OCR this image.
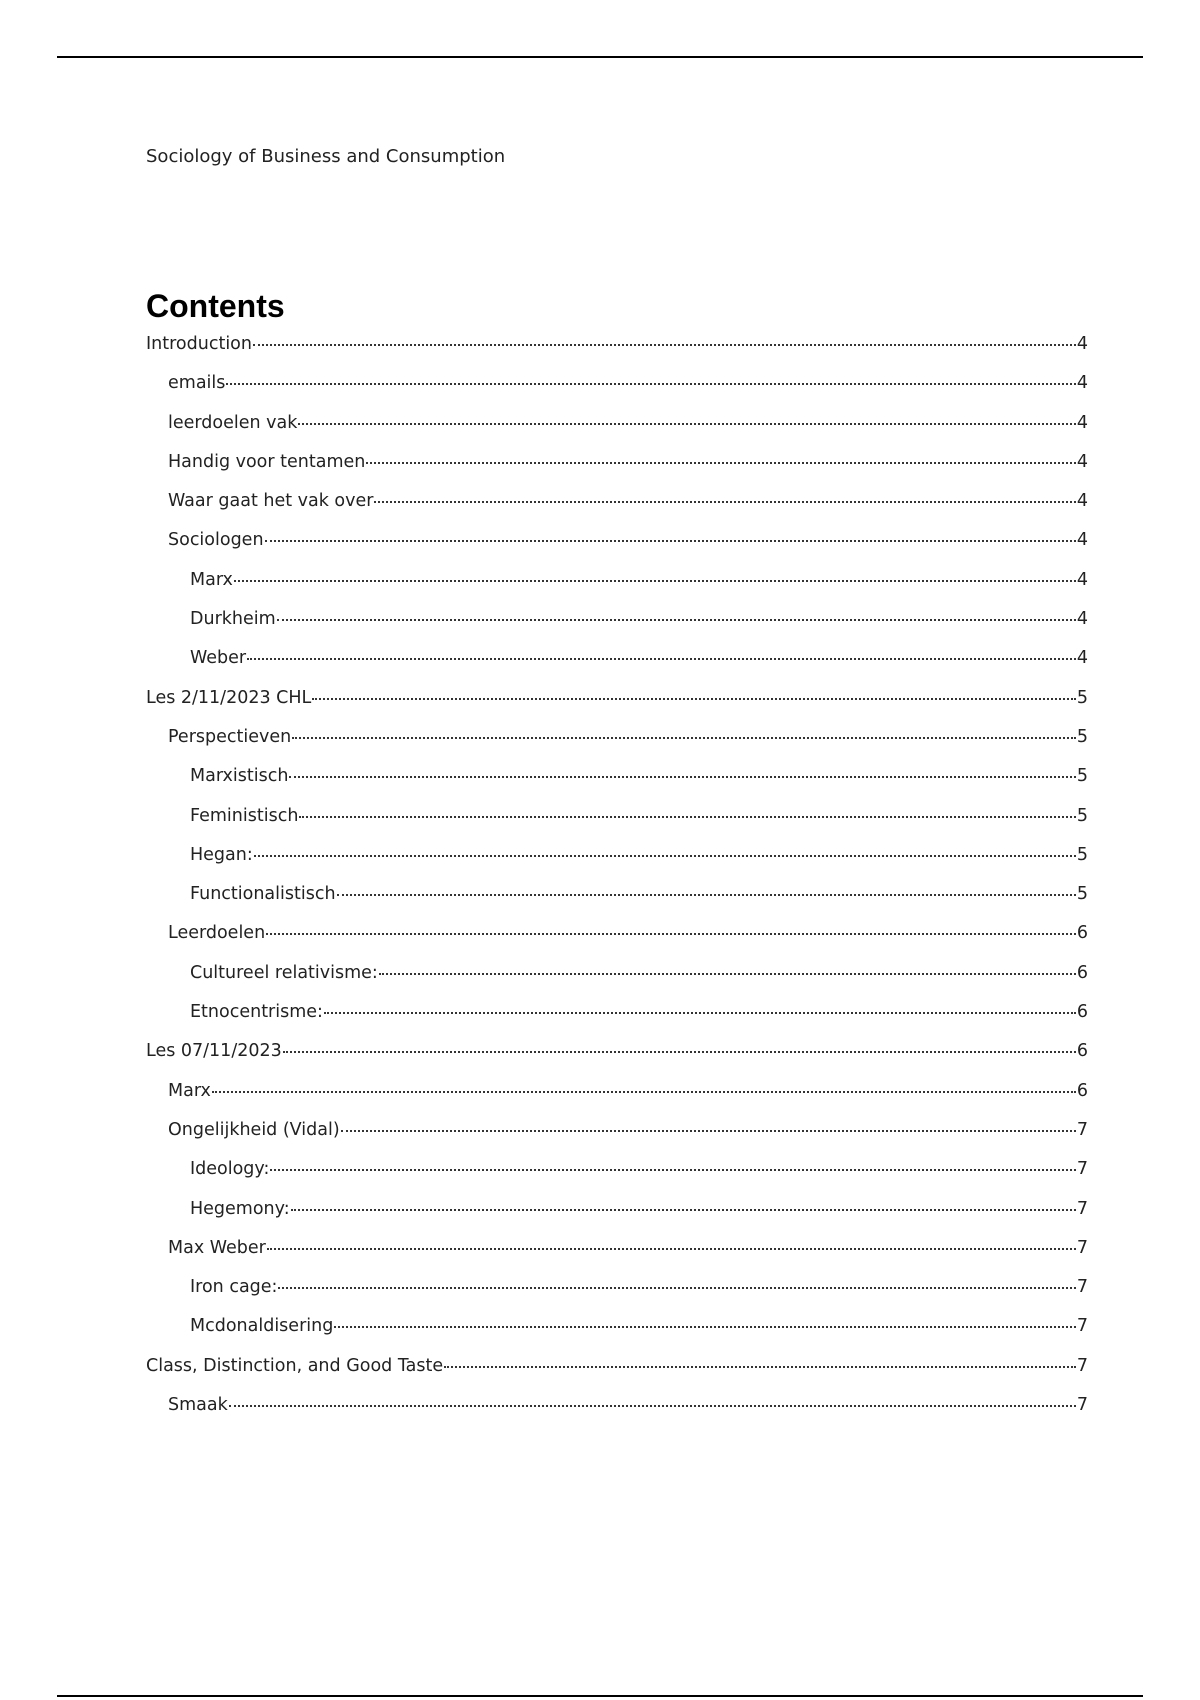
Sociology of Business and Consumption
Contents
Introduction	4
emails	4
leerdoelen vak	4
Handig voor tentamen	4
Waar gaat het vak over	4
Sociologen	4
Marx	4
Durkheim	4
Weber	4
Les 2/11/2023 CHL	5
Perspectieven	5
Marxistisch	5
Feministisch	5
Hegan:	5
Functionalistisch	5
Leerdoelen	6
Cultureel relativisme:	6
Etnocentrisme:	6
Les 07/11/2023	6
Marx	6
Ongelijkheid (Vidal)	7
Ideology:	7
Hegemony:	7
Max Weber	7
Iron cage:	7
Mcdonaldisering	7
Class, Distinction, and Good Taste	7
Smaak	7
